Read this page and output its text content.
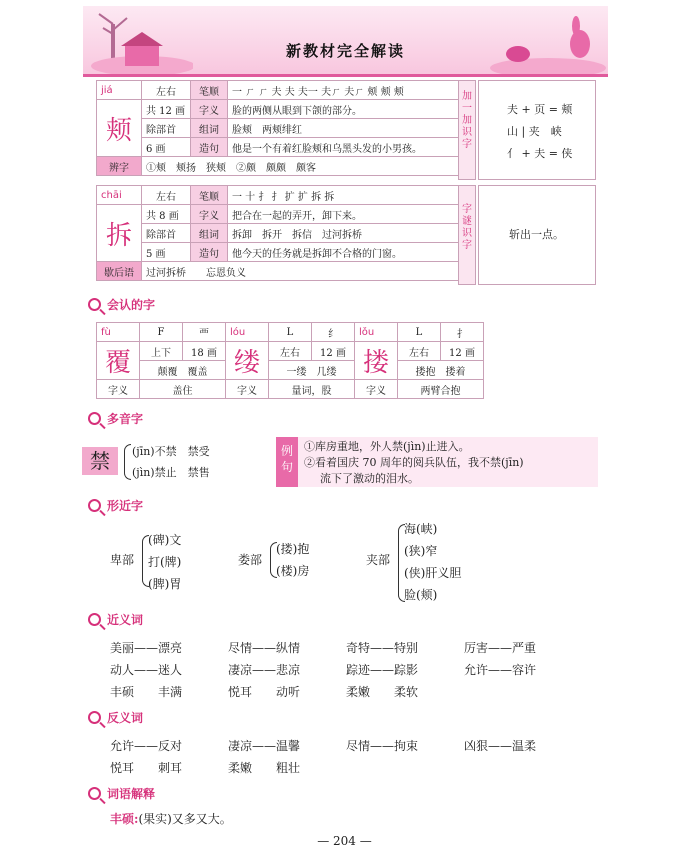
新教材完全解读
jiá	左右	笔顺	一 ㄏ ㄏ 夫 夫 夫一 夫ㄏ 夫ㄏ 颊 颊 颊
颊	共 12 画	字义	脸的两侧从眼到下颌的部分。
	除部首	组词	脸颊　两颊绯红
	6 画	造句	他是一个有着红脸颊和乌黑头发的小男孩。
辨字	①颊　颊扬　狭颊　②颇　颇颇　颇客		
加一加识字
夫 + 页 = 颊
山 | 夹　峡
亻 + 夫 = 侠
chāi	左右	笔顺	一 十 扌 扌 扩 扩 拆 拆
拆	共 8 画	字义	把合在一起的弄开，卸下来。
	除部首	组词	拆卸　拆开　拆信　过河拆桥
	5 画	造句	他今天的任务就是拆卸不合格的门窗。
歇后语	过河拆桥　　忘恩负义		
字谜识字
斩出一点。
会认的字
fù	F	覀	lóu	L	纟	lǒu	L	扌
覆	上下	18 画	缕	左右	12 画	搂	左右	12 画
	颠覆　覆盖			一缕　几缕			搂抱　搂着	
字义	盖住		字义	量词，股		字义	两臂合抱	
多音字
禁	(jīn)不禁　禁受
(jìn)禁止　禁售
例句
①库房重地，外人禁(jìn)止进入。
②看着国庆 70 周年的阅兵队伍，我不禁(jīn)
流下了激动的泪水。
形近字
卑部
(碑)文
打(牌)
(脾)胃
娄部
(搂)抱
(楼)房
夹部
海(峡)
(狭)窄
(侠)肝义胆
脸(颊)
近义词
美丽——漂亮	尽情——纵情	奇特——特别	厉害——严重
动人——迷人	凄凉——悲凉	踪迹——踪影	允许——容许
丰硕　　丰满	悦耳　　动听	柔嫩　　柔软
反义词
允许——反对	凄凉——温馨	尽情——拘束	凶狠——温柔
悦耳　　刺耳	柔嫩　　粗壮
词语解释
丰硕:(果实)又多又大。
— 204 —
